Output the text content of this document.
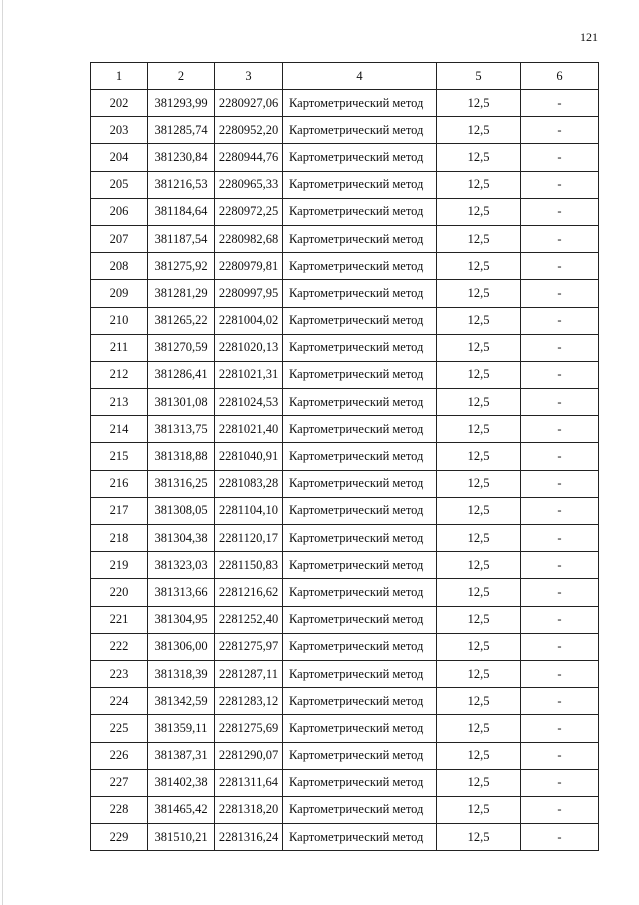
121
1	2	3	4	5	6
202	381293,99	2280927,06	Картометрический метод	12,5	-
203	381285,74	2280952,20	Картометрический метод	12,5	-
204	381230,84	2280944,76	Картометрический метод	12,5	-
205	381216,53	2280965,33	Картометрический метод	12,5	-
206	381184,64	2280972,25	Картометрический метод	12,5	-
207	381187,54	2280982,68	Картометрический метод	12,5	-
208	381275,92	2280979,81	Картометрический метод	12,5	-
209	381281,29	2280997,95	Картометрический метод	12,5	-
210	381265,22	2281004,02	Картометрический метод	12,5	-
211	381270,59	2281020,13	Картометрический метод	12,5	-
212	381286,41	2281021,31	Картометрический метод	12,5	-
213	381301,08	2281024,53	Картометрический метод	12,5	-
214	381313,75	2281021,40	Картометрический метод	12,5	-
215	381318,88	2281040,91	Картометрический метод	12,5	-
216	381316,25	2281083,28	Картометрический метод	12,5	-
217	381308,05	2281104,10	Картометрический метод	12,5	-
218	381304,38	2281120,17	Картометрический метод	12,5	-
219	381323,03	2281150,83	Картометрический метод	12,5	-
220	381313,66	2281216,62	Картометрический метод	12,5	-
221	381304,95	2281252,40	Картометрический метод	12,5	-
222	381306,00	2281275,97	Картометрический метод	12,5	-
223	381318,39	2281287,11	Картометрический метод	12,5	-
224	381342,59	2281283,12	Картометрический метод	12,5	-
225	381359,11	2281275,69	Картометрический метод	12,5	-
226	381387,31	2281290,07	Картометрический метод	12,5	-
227	381402,38	2281311,64	Картометрический метод	12,5	-
228	381465,42	2281318,20	Картометрический метод	12,5	-
229	381510,21	2281316,24	Картометрический метод	12,5	-
